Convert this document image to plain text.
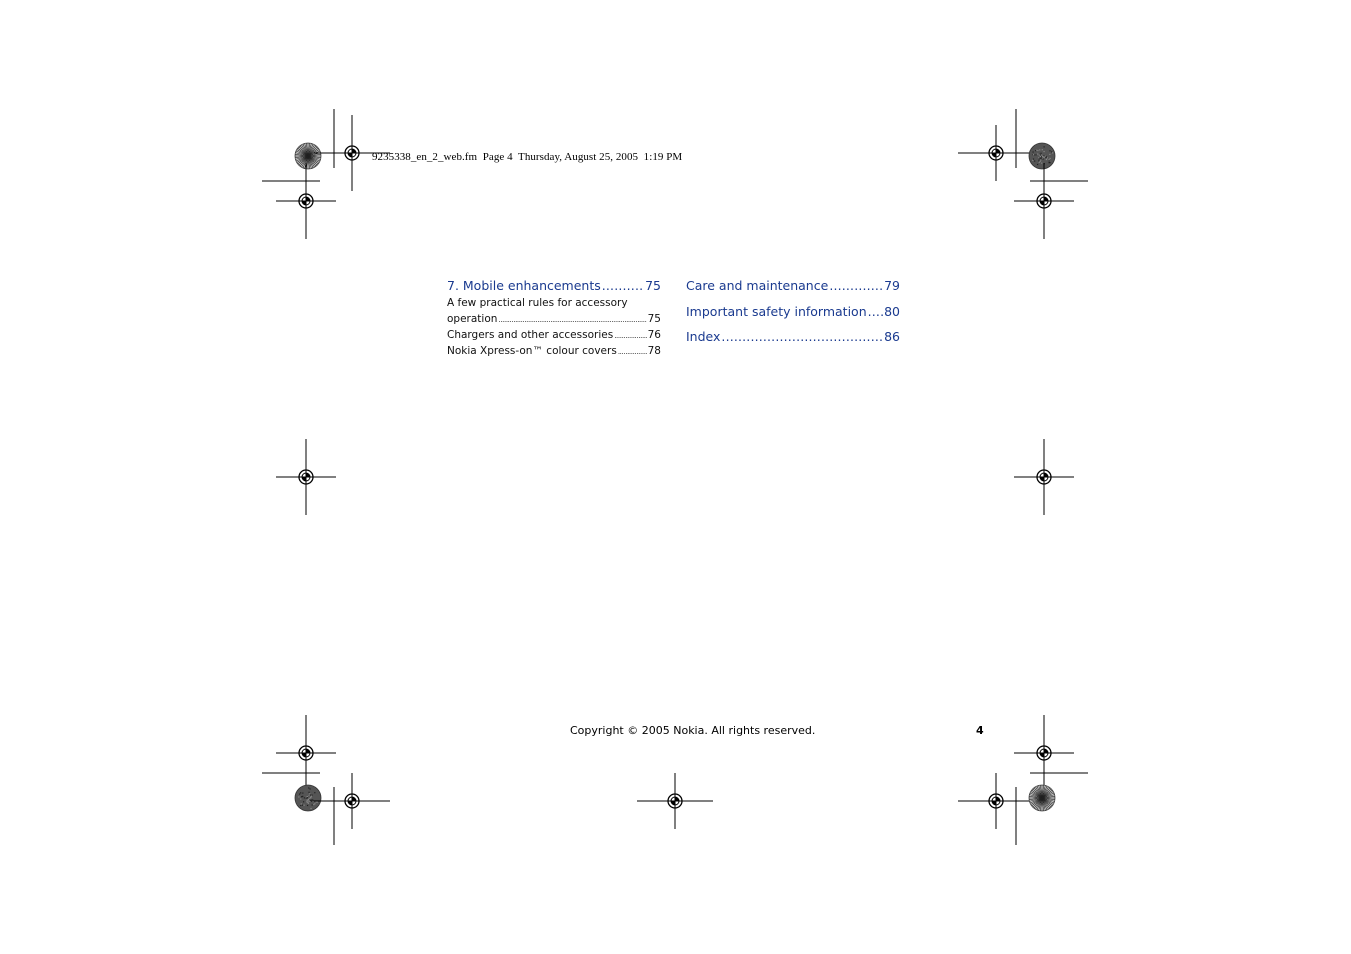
9235338_en_2_web.fm  Page 4  Thursday, August 25, 2005  1:19 PM
7. Mobile enhancements . . .	75
A few practical rules for accessory
operation . . .	75
Chargers and other accessories . . .	76
Nokia Xpress-on™ colour covers . . .	78
Care and maintenance . . .	79
Important safety information . . . 80
Index . . .	86
Copyright © 2005 Nokia. All rights reserved.	4
